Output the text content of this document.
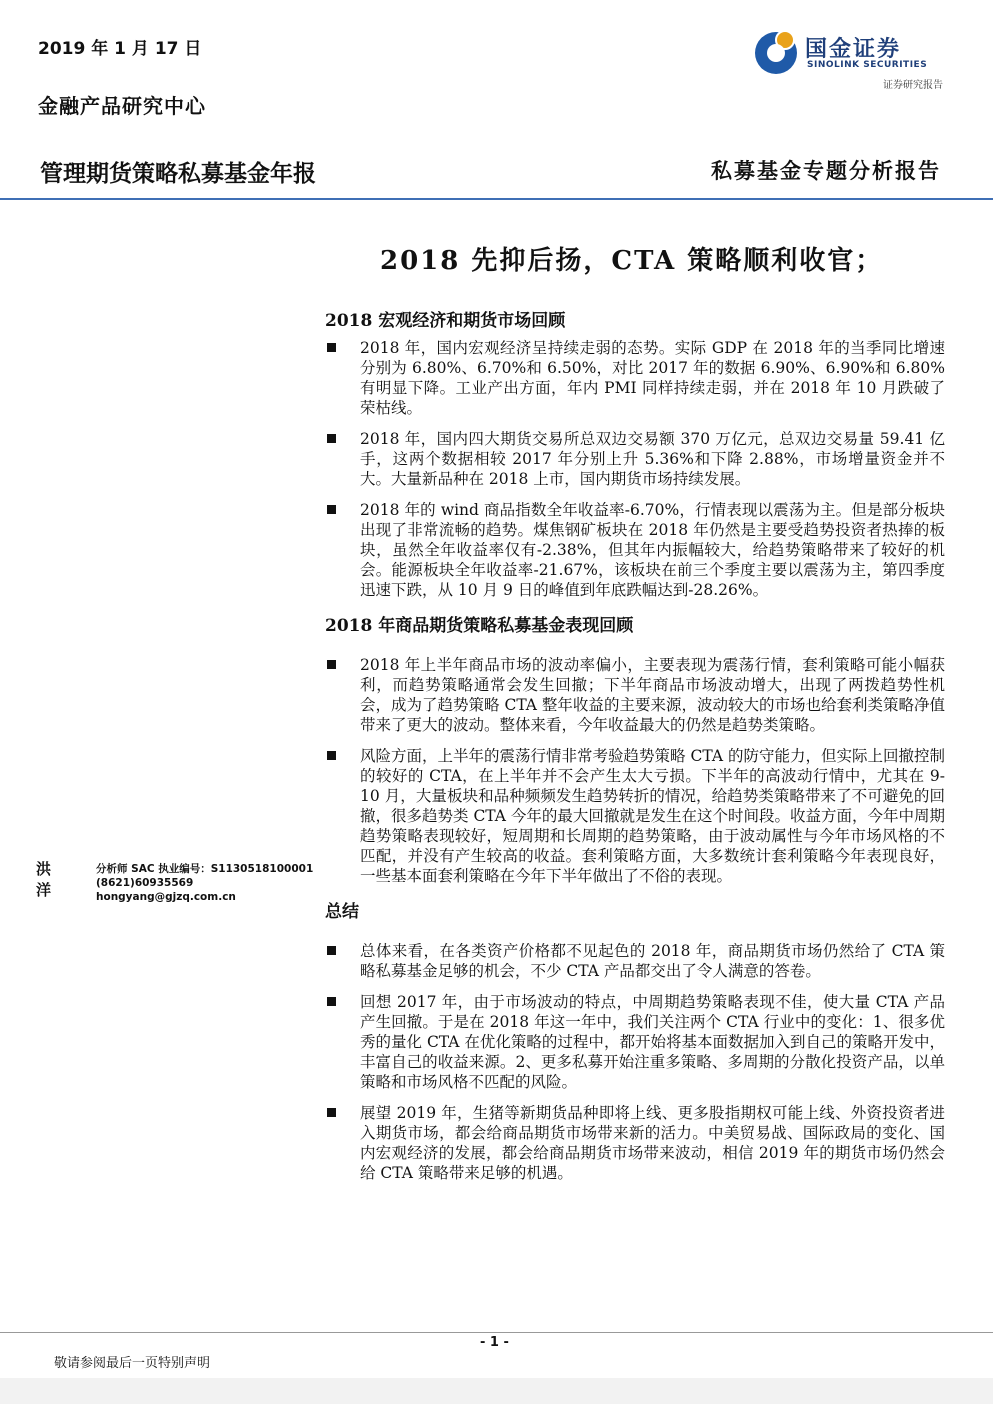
2019 年 1 月 17 日
金融产品研究中心
国金证券
SINOLINK SECURITIES
证券研究报告
管理期货策略私募基金年报	私募基金专题分析报告
2018 先抑后扬，CTA 策略顺利收官；
2018 宏观经济和期货市场回顾
2018 年，国内宏观经济呈持续走弱的态势。实际 GDP 在 2018 年的当季同比增速分别为 6.80%、6.70%和 6.50%，对比 2017 年的数据 6.90%、6.90%和 6.80%有明显下降。工业产出方面，年内 PMI 同样持续走弱，并在 2018 年 10 月跌破了荣枯线。
2018 年，国内四大期货交易所总双边交易额 370 万亿元，总双边交易量 59.41 亿手，这两个数据相较 2017 年分别上升 5.36%和下降 2.88%，市场增量资金并不大。大量新品种在 2018 上市，国内期货市场持续发展。
2018 年的 wind 商品指数全年收益率-6.70%，行情表现以震荡为主。但是部分板块出现了非常流畅的趋势。煤焦钢矿板块在 2018 年仍然是主要受趋势投资者热捧的板块，虽然全年收益率仅有-2.38%，但其年内振幅较大，给趋势策略带来了较好的机会。能源板块全年收益率-21.67%，该板块在前三个季度主要以震荡为主，第四季度迅速下跌，从 10 月 9 日的峰值到年底跌幅达到-28.26%。
2018 年商品期货策略私募基金表现回顾
2018 年上半年商品市场的波动率偏小，主要表现为震荡行情，套利策略可能小幅获利，而趋势策略通常会发生回撤；下半年商品市场波动增大，出现了两拨趋势性机会，成为了趋势策略 CTA 整年收益的主要来源，波动较大的市场也给套利类策略净值带来了更大的波动。整体来看，今年收益最大的仍然是趋势类策略。
风险方面，上半年的震荡行情非常考验趋势策略 CTA 的防守能力，但实际上回撤控制的较好的 CTA，在上半年并不会产生太大亏损。下半年的高波动行情中，尤其在 9-10 月，大量板块和品种频频发生趋势转折的情况，给趋势类策略带来了不可避免的回撤，很多趋势类 CTA 今年的最大回撤就是发生在这个时间段。收益方面，今年中周期趋势策略表现较好，短周期和长周期的趋势策略，由于波动属性与今年市场风格的不匹配，并没有产生较高的收益。套利策略方面，大多数统计套利策略今年表现良好，一些基本面套利策略在今年下半年做出了不俗的表现。
总结
总体来看，在各类资产价格都不见起色的 2018 年，商品期货市场仍然给了 CTA 策略私募基金足够的机会，不少 CTA 产品都交出了令人满意的答卷。
回想 2017 年，由于市场波动的特点，中周期趋势策略表现不佳，使大量 CTA 产品产生回撤。于是在 2018 年这一年中，我们关注两个 CTA 行业中的变化：1、很多优秀的量化 CTA 在优化策略的过程中，都开始将基本面数据加入到自己的策略开发中，丰富自己的收益来源。2、更多私募开始注重多策略、多周期的分散化投资产品，以单策略和市场风格不匹配的风险。
展望 2019 年，生猪等新期货品种即将上线、更多股指期权可能上线、外资投资者进入期货市场，都会给商品期货市场带来新的活力。中美贸易战、国际政局的变化、国内宏观经济的发展，都会给商品期货市场带来波动，相信 2019 年的期货市场仍然会给 CTA 策略带来足够的机遇。
洪洋
分析师 SAC 执业编号：S1130518100001
(8621)60935569
hongyang@gjzq.com.cn
- 1 -
敬请参阅最后一页特别声明
